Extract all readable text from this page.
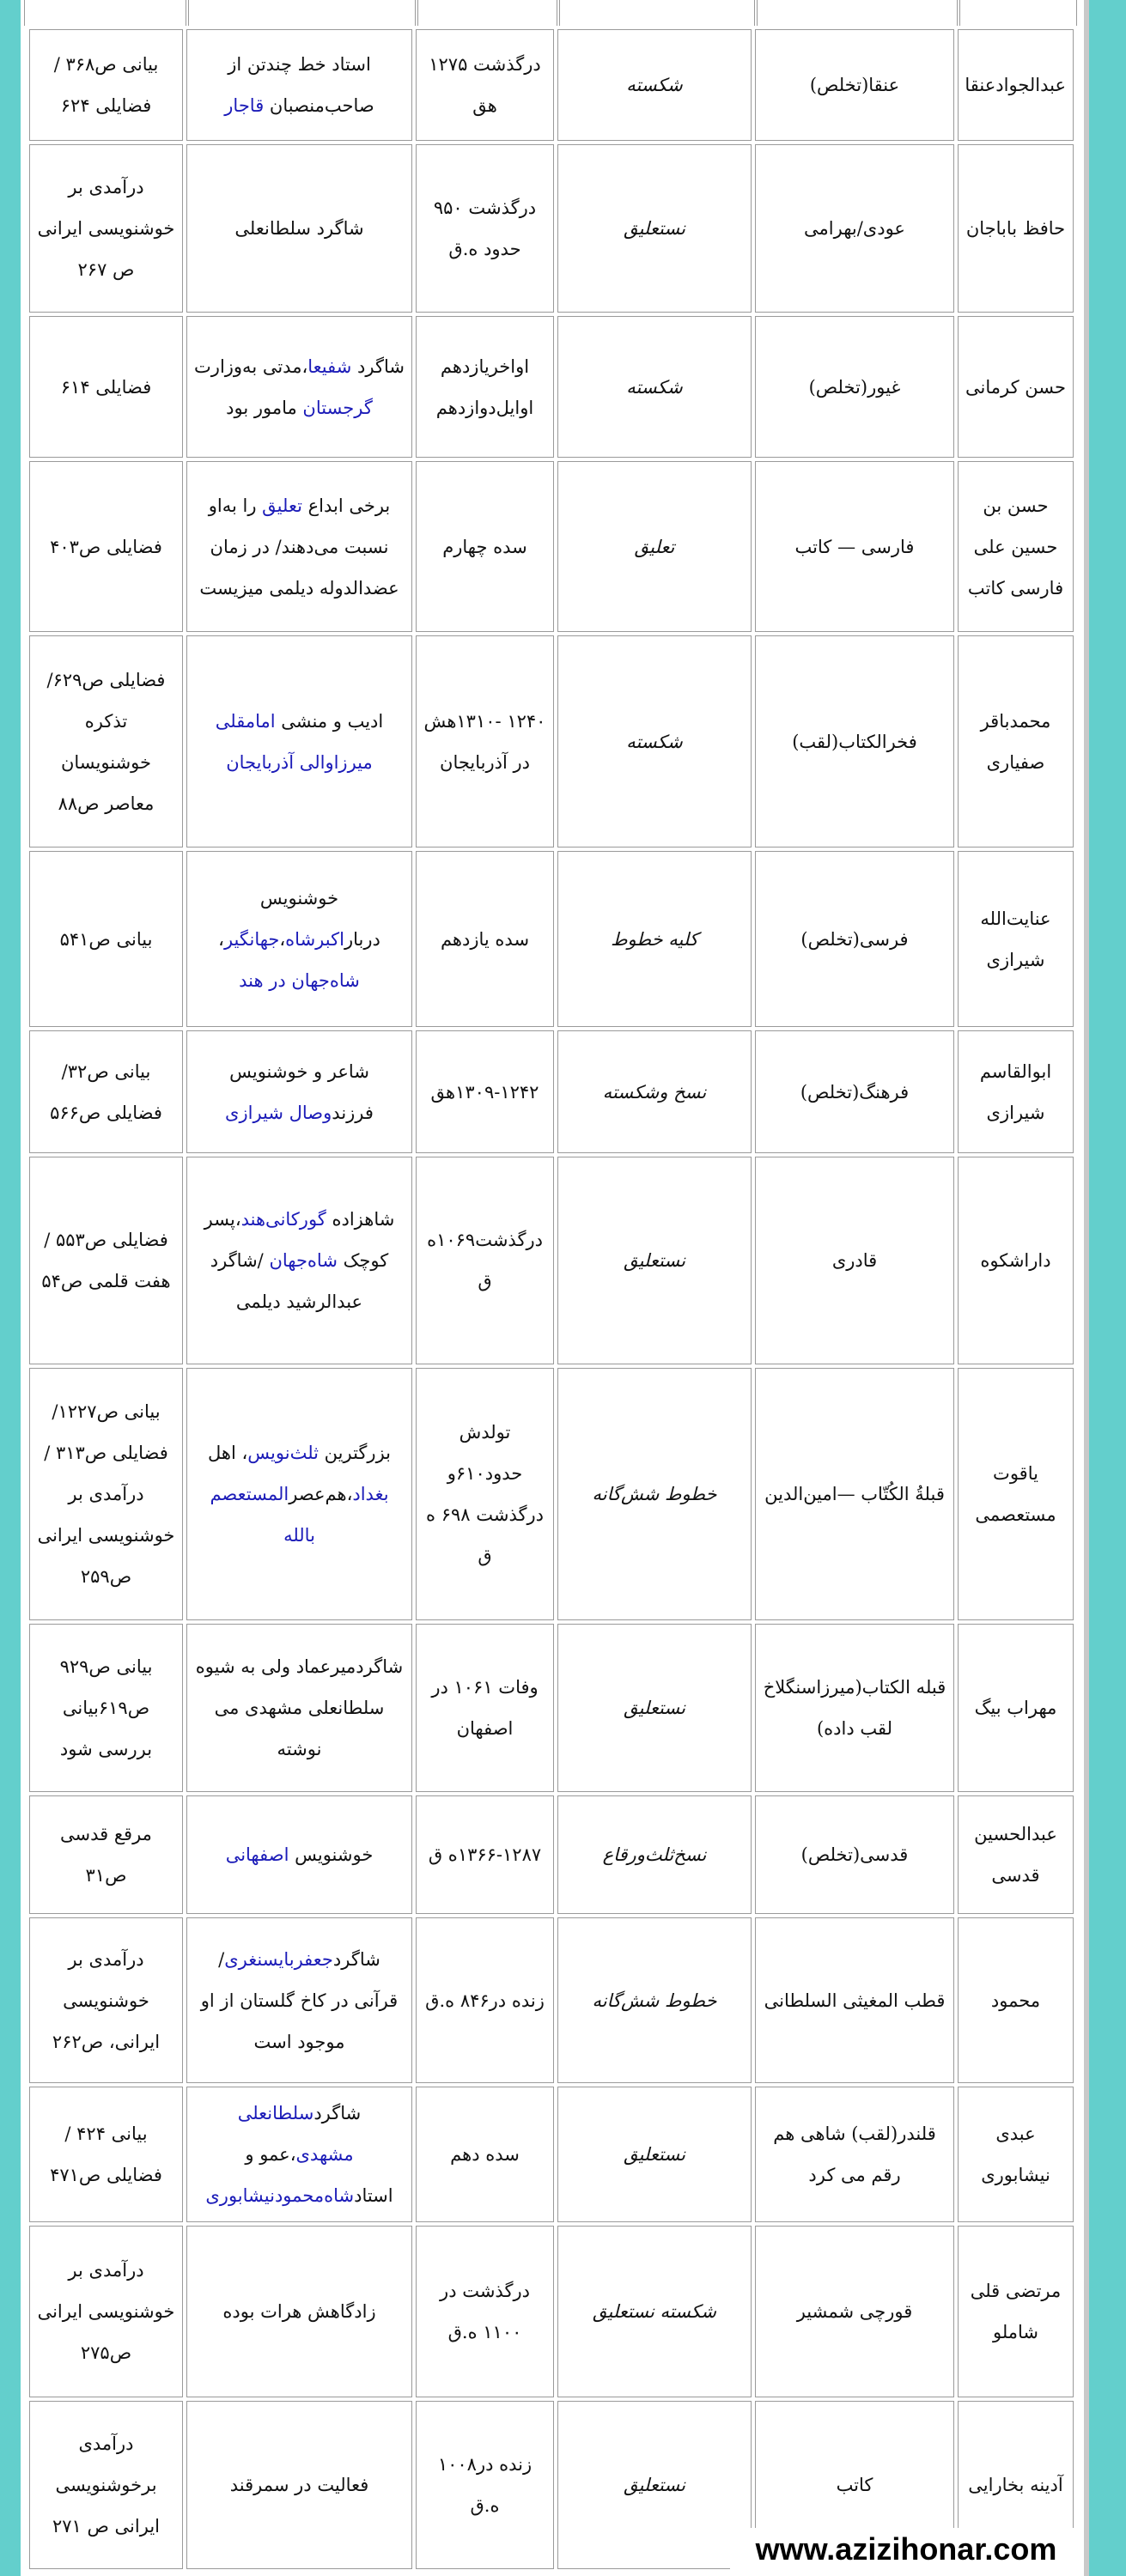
عبدالجوادعنقا	عنقا(تخلص)	شکسته	درگذشت ۱۲۷۵ هق	استاد خط چندتن از صاحب‌منصبان قاجار	بیانی ص۳۶۸ / فضایلی ۶۲۴
حافظ باباجان	عودی/بهرامی	نستعلیق	درگذشت ۹۵۰ حدود ه.ق	شاگرد سلطانعلی	درآمدی بر خوشنویسی ایرانی ص ۲۶۷
حسن کرمانی	غیور(تخلص)	شکسته	اواخریازدهم اوایل‌دوازدهم	شاگرد شفیعا،مدتی به‌وزارت گرجستان مامور بود	فضایلی ۶۱۴
حسن بن حسین علی فارسی کاتب	فارسی — کاتب	تعلیق	سده چهارم	برخی ابداع تعلیق را به‌او نسبت می‌دهند/ در زمان عضدالدوله دیلمی میزیست	فضایلی ص۴۰۳
محمدباقر صفیاری	فخرالکتاب(لقب)	شکسته	۱۲۴۰ -۱۳۱۰هش در آذربایجان	ادیب و منشی امامقلی میرزاوالی آذربایجان	فضایلی ص۶۲۹/تذکره خوشنویسان معاصر ص۸۸
عنایت‌الله شیرازی	فرسی(تخلص)	کلیه خطوط	سده یازدهم	خوشنویس درباراکبرشاه،جهانگیر، شاه‌جهان در هند	بیانی ص۵۴۱
ابوالقاسم شیرازی	فرهنگ(تخلص)	نسخ وشکسته	۱۳۰۹-۱۲۴۲هق	شاعر و خوشنویس فرزندوصال شیرازی	بیانی ص۳۲/ فضایلی ص۵۶۶
داراشکوه	قادری	نستعلیق	درگذشت۱۰۶۹ه ق	شاهزاده گورکانی‌هند،پسر کوچک شاه‌جهان /شاگرد عبدالرشید دیلمی	فضایلی ص۵۵۳ / هفت قلمی ص۵۴
یاقوت مستعصمی	قبلةُ الکُتّاب —امین‌الدین	خطوط شش‌گانه	تولدش حدود۶۱۰و درگذشت ۶۹۸ ه ق	بزرگترین ثلث‌نویس، اهل بغداد،هم‌عصرالمستعصم بالله	بیانی ص۱۲۲۷/ فضایلی ص۳۱۳ / درآمدی بر خوشنویسی ایرانی ص۲۵۹
مهراب بیگ	قبله الکتاب(میرزاسنگلاخ لقب داده)	نستعلیق	وفات ۱۰۶۱ در اصفهان	شاگردمیرعماد ولی به شیوه سلطانعلی مشهدی می نوشته	بیانی ص۹۲۹ ص۶۱۹بیانی بررسی شود
عبدالحسین قدسی	قدسی(تخلص)	نسخ‌ثلث‌ورقاع	۱۳۶۶-۱۲۸۷ه ق	خوشنویس اصفهانی	مرقع قدسی ص۳۱
محمود	قطب المغیثی السلطانی	خطوط شش‌گانه	زنده در۸۴۶ ه.ق	شاگردجعفربایسنغری/ قرآنی در کاخ گلستان از او موجود است	درآمدی بر خوشنویسی ایرانی، ص۲۶۲
عبدی نیشابوری	قلندر(لقب) شاهی هم رقم می کرد	نستعلیق	سده دهم	شاگردسلطانعلی مشهدی،عمو و استادشاه‌محمودنیشابوری	بیانی ۴۲۴ / فضایلی ص۴۷۱
مرتضی قلی شاملو	قورچی شمشیر	شکسته نستعلیق	درگذشت در ۱۱۰۰ ه.ق	زادگاهش هرات بوده	درآمدی بر خوشنویسی ایرانی ص۲۷۵
آدینه بخارایی	کاتب	نستعلیق	زنده در۱۰۰۸ ه.ق	فعالیت در سمرقند	درآمدی برخوشنویسی ایرانی ص ۲۷۱
www.azizihonar.com
